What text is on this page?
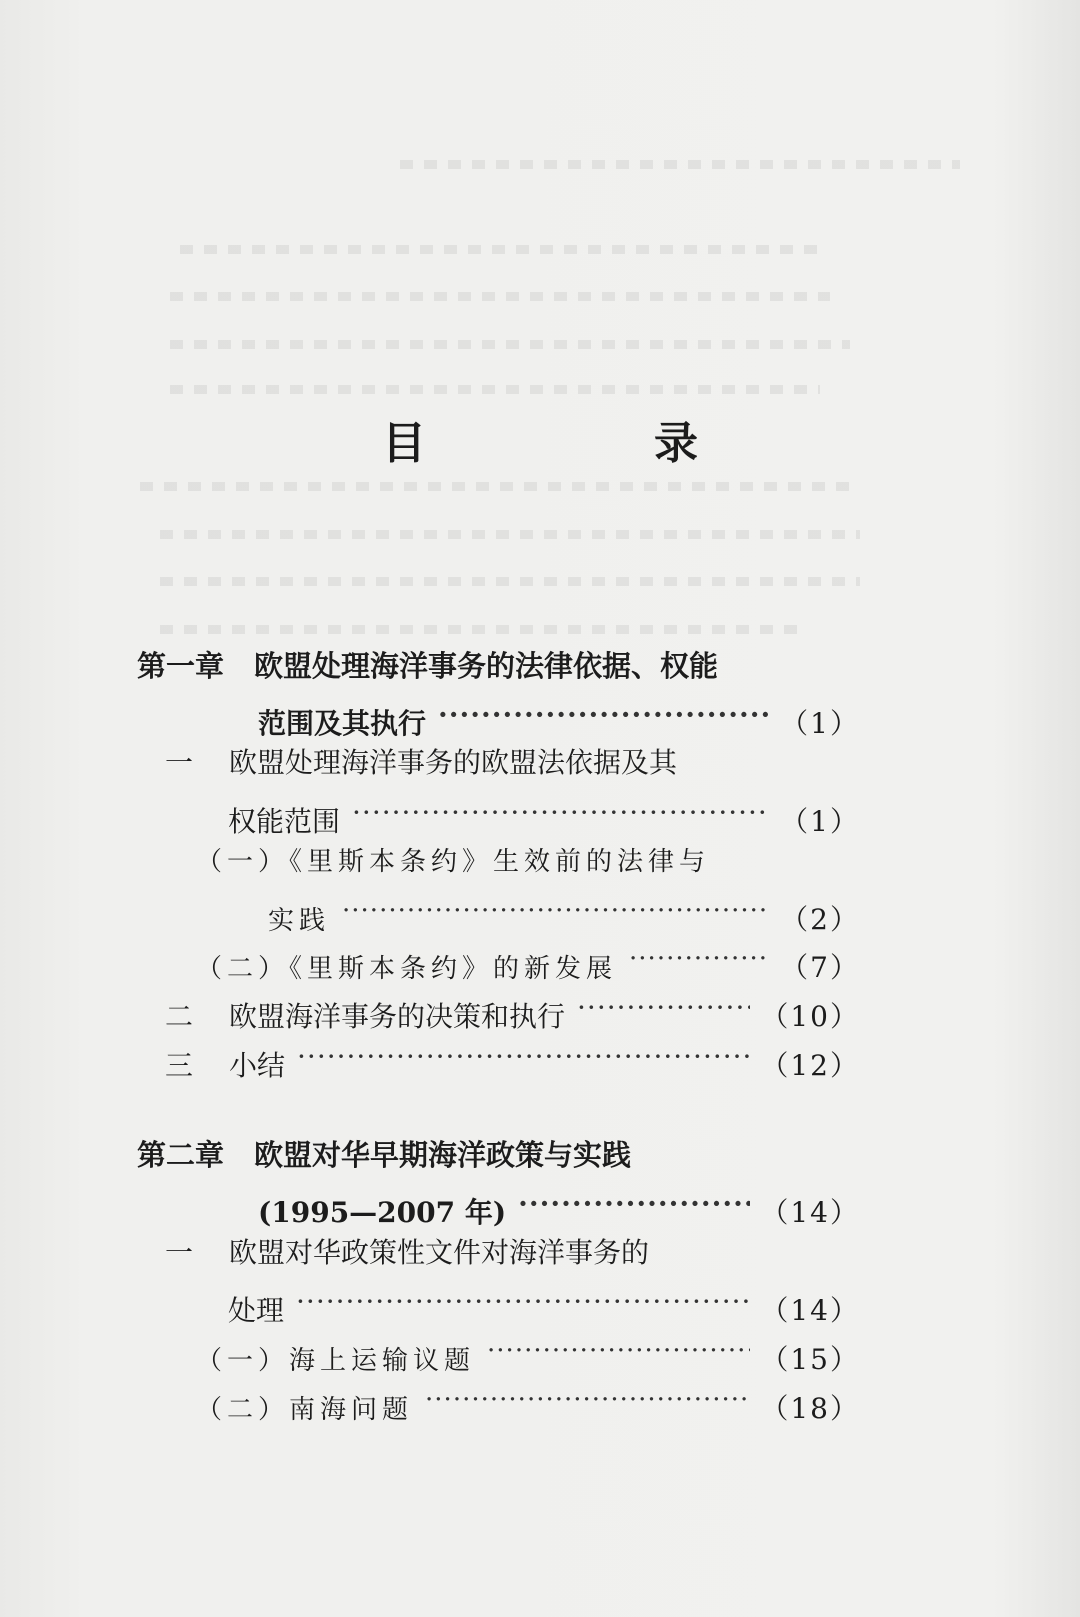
目　录
第一章 欧盟处理海洋事务的法律依据、权能
范围及其执行 ·····	（1）
一 欧盟处理海洋事务的欧盟法依据及其
权能范围 ·····	（1）
（一）《里斯本条约》生效前的法律与
实践 ·····	（2）
（二）《里斯本条约》的新发展 ·····	（7）
二 欧盟海洋事务的决策和执行 ·····	（10）
三 小结 ·····	（12）
第二章 欧盟对华早期海洋政策与实践
(1995—2007 年) ·····	（14）
一 欧盟对华政策性文件对海洋事务的
处理 ·····	（14）
（一）海上运输议题 ·····	（15）
（二）南海问题 ·····	（18）
